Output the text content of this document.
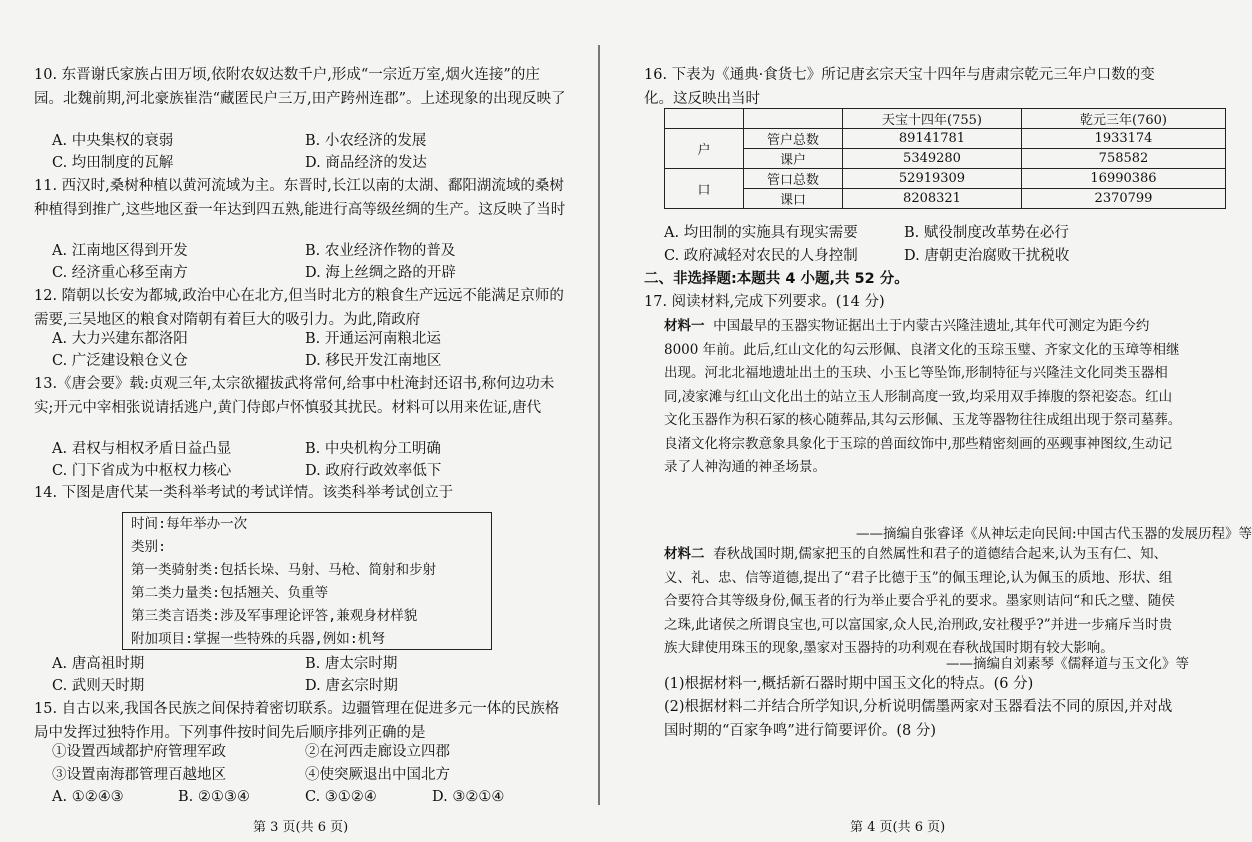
10. 东晋谢氏家族占田万顷,依附农奴达数千户,形成“一宗近万室,烟火连接”的庄园。北魏前期,河北豪族崔浩“藏匿民户三万,田产跨州连郡”。上述现象的出现反映了
A. 中央集权的衰弱	B. 小农经济的发展
C. 均田制度的瓦解	D. 商品经济的发达
11. 西汉时,桑树种植以黄河流域为主。东晋时,长江以南的太湖、鄱阳湖流域的桑树种植得到推广,这些地区蚕一年达到四五熟,能进行高等级丝绸的生产。这反映了当时
A. 江南地区得到开发	B. 农业经济作物的普及
C. 经济重心移至南方	D. 海上丝绸之路的开辟
12. 隋朝以长安为都城,政治中心在北方,但当时北方的粮食生产远远不能满足京师的需要,三吴地区的粮食对隋朝有着巨大的吸引力。为此,隋政府
A. 大力兴建东都洛阳	B. 开通运河南粮北运
C. 广泛建设粮仓义仓	D. 移民开发江南地区
13.《唐会要》载:贞观三年,太宗欲擢拔武将常何,给事中杜淹封还诏书,称何边功未实;开元中宰相张说请括逃户,黄门侍郎卢怀慎驳其扰民。材料可以用来佐证,唐代
A. 君权与相权矛盾日益凸显	B. 中央机构分工明确
C. 门下省成为中枢权力核心	D. 政府行政效率低下
14. 下图是唐代某一类科举考试的考试详情。该类科举考试创立于
时间:每年举办一次
类别:
第一类骑射类:包括长垛、马射、马枪、简射和步射
第二类力量类:包括翘关、负重等
第三类言语类:涉及军事理论评答,兼观身材样貌
附加项目:掌握一些特殊的兵器,例如:机弩
A. 唐高祖时期	B. 唐太宗时期
C. 武则天时期	D. 唐玄宗时期
15. 自古以来,我国各民族之间保持着密切联系。边疆管理在促进多元一体的民族格局中发挥过独特作用。下列事件按时间先后顺序排列正确的是
①设置西域都护府管理军政	②在河西走廊设立四郡
③设置南海郡管理百越地区	④使突厥退出中国北方
A. ①②④③	B. ②①③④	C. ③①②④	D. ③②①④
第 3 页(共 6 页)
16. 下表为《通典·食货七》所记唐玄宗天宝十四年与唐肃宗乾元三年户口数的变化。这反映出当时
		天宝十四年(755)	乾元三年(760)
户	管户总数	89141781	1933174
	课户	5349280	758582
口	管口总数	52919309	16990386
	课口	8208321	2370799
A. 均田制的实施具有现实需要	B. 赋役制度改革势在必行
C. 政府减轻对农民的人身控制	D. 唐朝吏治腐败干扰税收
二、非选择题:本题共 4 小题,共 52 分。
17. 阅读材料,完成下列要求。(14 分)
材料一 中国最早的玉器实物证据出土于内蒙古兴隆洼遗址,其年代可测定为距今约 8000 年前。此后,红山文化的勾云形佩、良渚文化的玉琮玉璧、齐家文化的玉璋等相继出现。河北北福地遗址出土的玉玦、小玉匕等坠饰,形制特征与兴隆洼文化同类玉器相同,凌家滩与红山文化出土的站立玉人形制高度一致,均采用双手捧腹的祭祀姿态。红山文化玉器作为积石冢的核心随葬品,其勾云形佩、玉龙等器物往往成组出现于祭司墓葬。良渚文化将宗教意象具象化于玉琮的兽面纹饰中,那些精密刻画的巫觋事神图纹,生动记录了人神沟通的神圣场景。
——摘编自张睿译《从神坛走向民间:中国古代玉器的发展历程》等
材料二 春秋战国时期,儒家把玉的自然属性和君子的道德结合起来,认为玉有仁、知、义、礼、忠、信等道德,提出了“君子比德于玉”的佩玉理论,认为佩玉的质地、形状、组合要符合其等级身份,佩玉者的行为举止要合乎礼的要求。墨家则诘问“和氏之璧、随侯之珠,此诸侯之所谓良宝也,可以富国家,众人民,治刑政,安社稷乎?”并进一步痛斥当时贵族大肆使用珠玉的现象,墨家对玉器持的功利观在春秋战国时期有较大影响。
——摘编自刘素琴《儒释道与玉文化》等
(1)根据材料一,概括新石器时期中国玉文化的特点。(6 分)
(2)根据材料二并结合所学知识,分析说明儒墨两家对玉器看法不同的原因,并对战国时期的“百家争鸣”进行简要评价。(8 分)
第 4 页(共 6 页)
